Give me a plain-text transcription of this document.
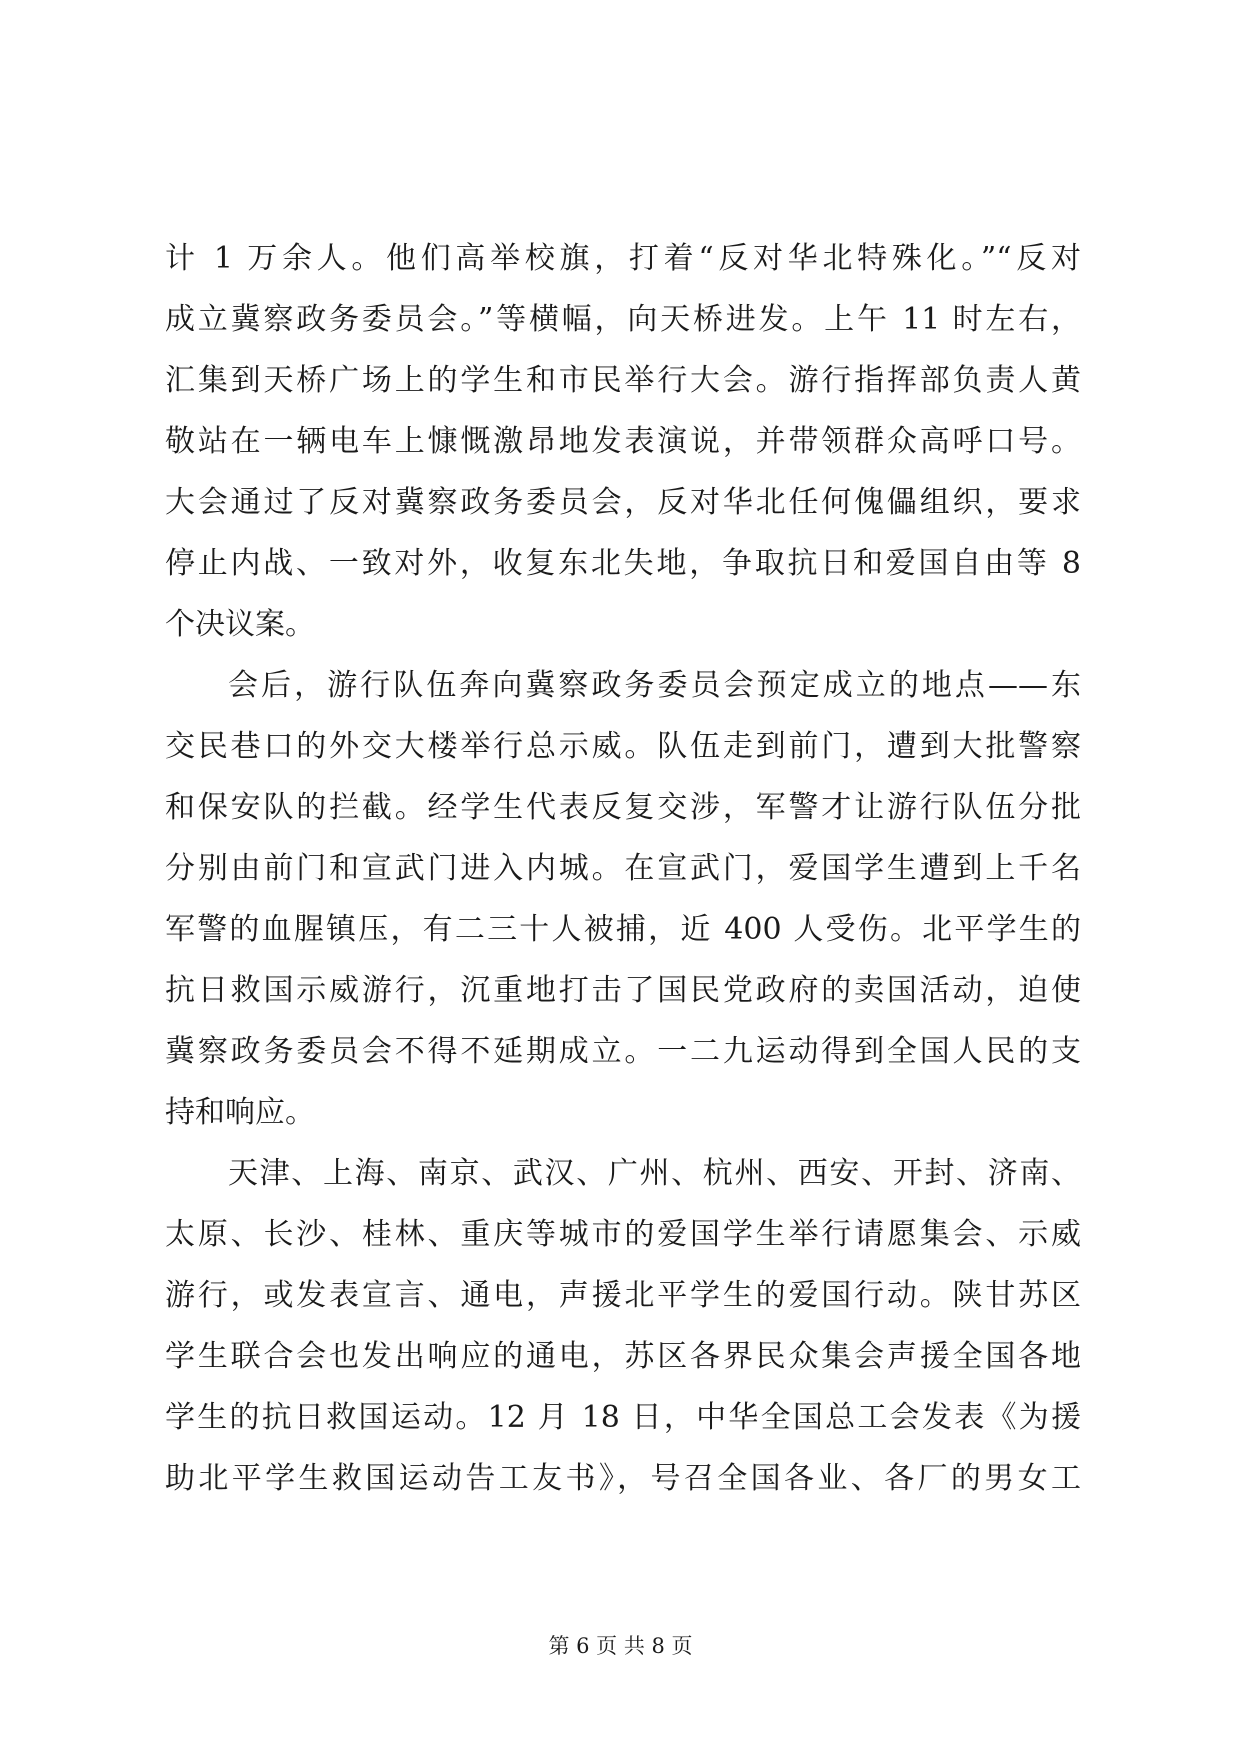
计 1 万余人。他们高举校旗，打着“反对华北特殊化。”“反对
成立冀察政务委员会。”等横幅，向天桥进发。上午 11 时左右，
汇集到天桥广场上的学生和市民举行大会。游行指挥部负责人黄
敬站在一辆电车上慷慨激昂地发表演说，并带领群众高呼口号。
大会通过了反对冀察政务委员会，反对华北任何傀儡组织，要求
停止内战、一致对外，收复东北失地，争取抗日和爱国自由等 8
个决议案。
会后，游行队伍奔向冀察政务委员会预定成立的地点——东
交民巷口的外交大楼举行总示威。队伍走到前门，遭到大批警察
和保安队的拦截。经学生代表反复交涉，军警才让游行队伍分批
分别由前门和宣武门进入内城。在宣武门，爱国学生遭到上千名
军警的血腥镇压，有二三十人被捕，近 400 人受伤。北平学生的
抗日救国示威游行，沉重地打击了国民党政府的卖国活动，迫使
冀察政务委员会不得不延期成立。一二九运动得到全国人民的支
持和响应。
天津、上海、南京、武汉、广州、杭州、西安、开封、济南、
太原、长沙、桂林、重庆等城市的爱国学生举行请愿集会、示威
游行，或发表宣言、通电，声援北平学生的爱国行动。陕甘苏区
学生联合会也发出响应的通电，苏区各界民众集会声援全国各地
学生的抗日救国运动。12 月 18 日，中华全国总工会发表《为援
助北平学生救国运动告工友书》，号召全国各业、各厂的男女工
第 6 页 共 8 页
